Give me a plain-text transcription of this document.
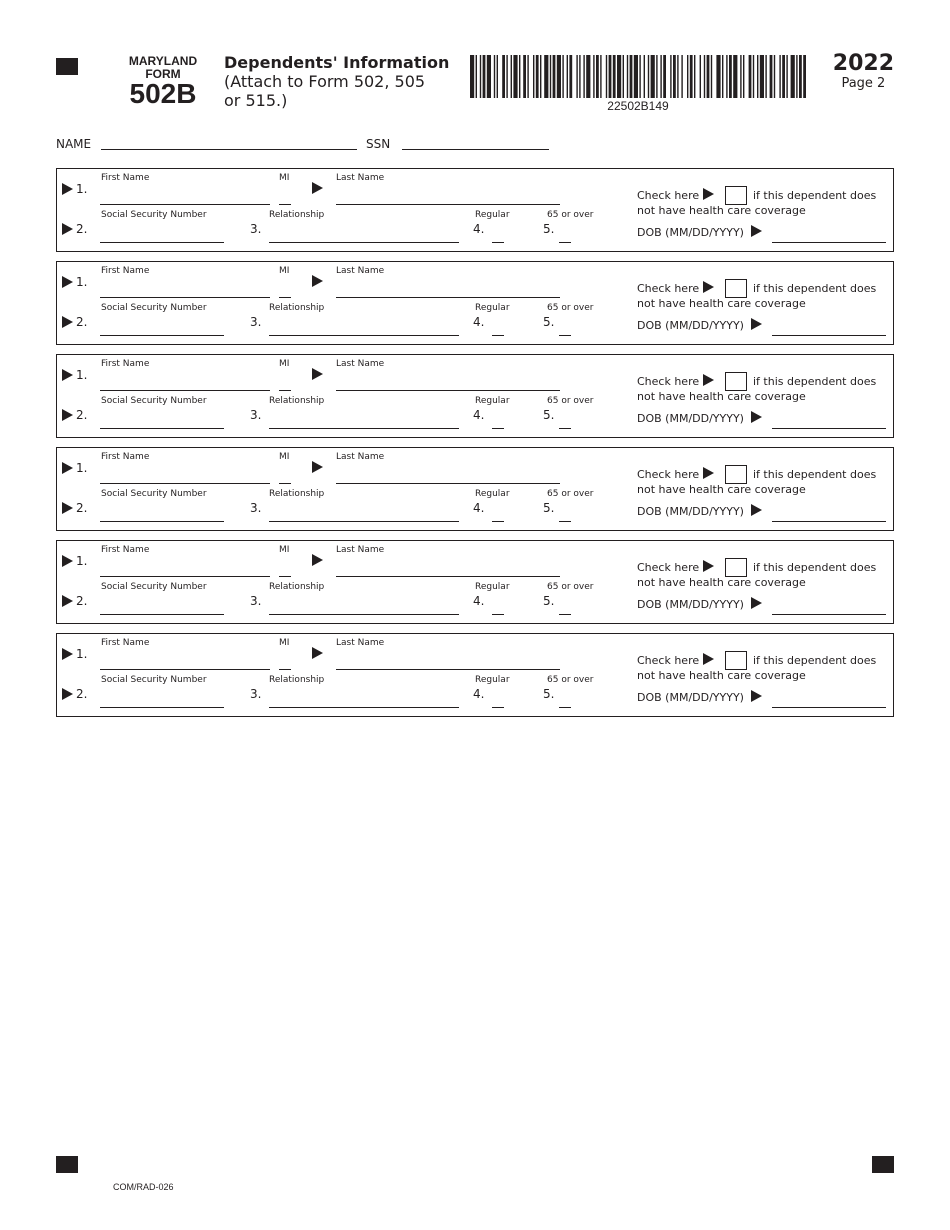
MARYLAND
FORM
502B
Dependents' Information
(Attach to Form 502, 505 or 515.)	22502B149
2022
Page 2
NAME	SSN
First Name	MI	Last Name
1.
Social Security Number	Relationship	Regular	65 or over
2.	3.	4.	5.
Check here	if this dependent does
not have health care coverage
DOB (MM/DD/YYYY)
First Name	MI	Last Name
1.
Social Security Number	Relationship	Regular	65 or over
2.	3.	4.	5.
Check here	if this dependent does
not have health care coverage
DOB (MM/DD/YYYY)
First Name	MI	Last Name
1.
Social Security Number	Relationship	Regular	65 or over
2.	3.	4.	5.
Check here	if this dependent does
not have health care coverage
DOB (MM/DD/YYYY)
First Name	MI	Last Name
1.
Social Security Number	Relationship	Regular	65 or over
2.	3.	4.	5.
Check here	if this dependent does
not have health care coverage
DOB (MM/DD/YYYY)
First Name	MI	Last Name
1.
Social Security Number	Relationship	Regular	65 or over
2.	3.	4.	5.
Check here	if this dependent does
not have health care coverage
DOB (MM/DD/YYYY)
First Name	MI	Last Name
1.
Social Security Number	Relationship	Regular	65 or over
2.	3.	4.	5.
Check here	if this dependent does
not have health care coverage
DOB (MM/DD/YYYY)
COM/RAD-026
